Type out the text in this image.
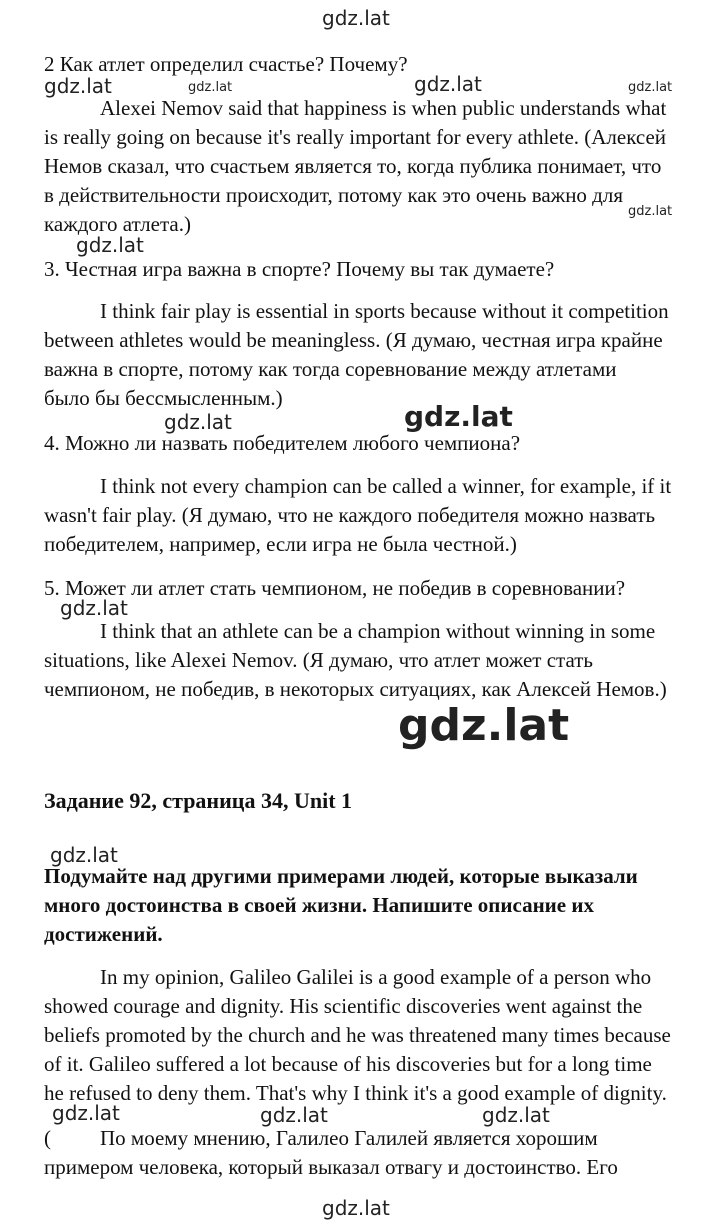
gdz.lat
gdz.lat	gdz.lat	gdz.lat	gdz.lat
gdz.lat
gdz.lat
gdz.lat	gdz.lat
gdz.lat
gdz.lat
gdz.lat
gdz.lat	gdz.lat	gdz.lat
gdz.lat
2 Как атлет определил счастье? Почему?
Alexei Nemov said that happiness is when public understands what
is really going on because it's really important for every athlete. (Алексей
Немов сказал, что счастьем является то, когда публика понимает, что
в действительности происходит, потому как это очень важно для
каждого атлета.)
3. Честная игра важна в спорте? Почему вы так думаете?
I think fair play is essential in sports because without it competition
between athletes would be meaningless. (Я думаю, честная игра крайне
важна в спорте, потому как тогда соревнование между атлетами
было бы бессмысленным.)
4. Можно ли назвать победителем любого чемпиона?
I think not every champion can be called a winner, for example, if it
wasn't fair play. (Я думаю, что не каждого победителя можно назвать
победителем, например, если игра не была честной.)
5. Может ли атлет стать чемпионом, не победив в соревновании?
I think that an athlete can be a champion without winning in some
situations, like Alexei Nemov. (Я думаю, что атлет может стать
чемпионом, не победив, в некоторых ситуациях, как Алексей Немов.)
Задание 92, страница 34, Unit 1
Подумайте над другими примерами людей, которые выказали
много достоинства в своей жизни. Напишите описание их
достижений.
In my opinion, Galileo Galilei is a good example of a person who
showed courage and dignity. His scientific discoveries went against the
beliefs promoted by the church and he was threatened many times because
of it. Galileo suffered a lot because of his discoveries but for a long time
he refused to deny them. That's why I think it's a good example of dignity.
( По моему мнению, Галилео Галилей является хорошим
примером человека, который выказал отвагу и достоинство. Его
